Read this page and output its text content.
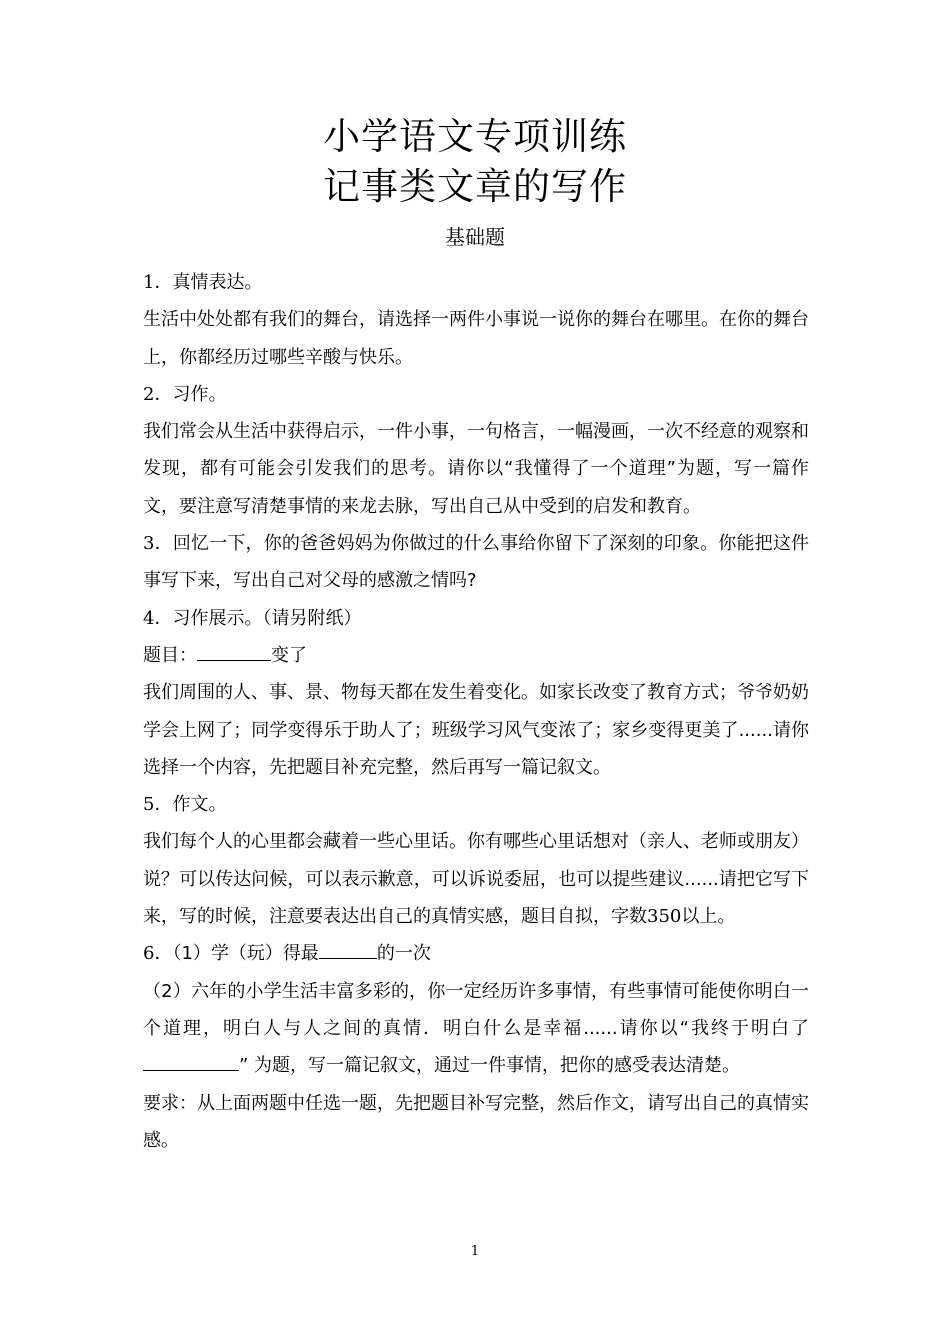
小学语文专项训练
记事类文章的写作
基础题

1．真情表达。

生活中处处都有我们的舞台，请选择一两件小事说一说你的舞台在哪里。在你的舞台上，你都经历过哪些辛酸与快乐。

2．习作。

我们常会从生活中获得启示，一件小事，一句格言，一幅漫画，一次不经意的观察和发现，都有可能会引发我们的思考。请你以“我懂得了一个道理”为题，写一篇作文，要注意写清楚事情的来龙去脉，写出自己从中受到的启发和教育。

3．回忆一下，你的爸爸妈妈为你做过的什么事给你留下了深刻的印象。你能把这件事写下来，写出自己对父母的感激之情吗?

4．习作展示。（请另附纸）

题目：	变了

我们周围的人、事、景、物每天都在发生着变化。如家长改变了教育方式；爷爷奶奶学会上网了；同学变得乐于助人了；班级学习风气变浓了；家乡变得更美了......请你选择一个内容，先把题目补充完整，然后再写一篇记叙文。

5．作文。

我们每个人的心里都会藏着一些心里话。你有哪些心里话想对（亲人、老师或朋友）说？可以传达问候，可以表示歉意，可以诉说委屈，也可以提些建议......请把它写下来，写的时候，注意要表达出自己的真情实感，题目自拟，字数350以上。

6．（1）学（玩）得最	的一次

（2）六年的小学生活丰富多彩的，你一定经历许多事情，有些事情可能使你明白一个道理，明白人与人之间的真情．明白什么是幸福......请你以“我终于明白了” 为题，写一篇记叙文，通过一件事情，把你的感受表达清楚。

要求：从上面两题中任选一题，先把题目补写完整，然后作文，请写出自己的真情实感。

1
